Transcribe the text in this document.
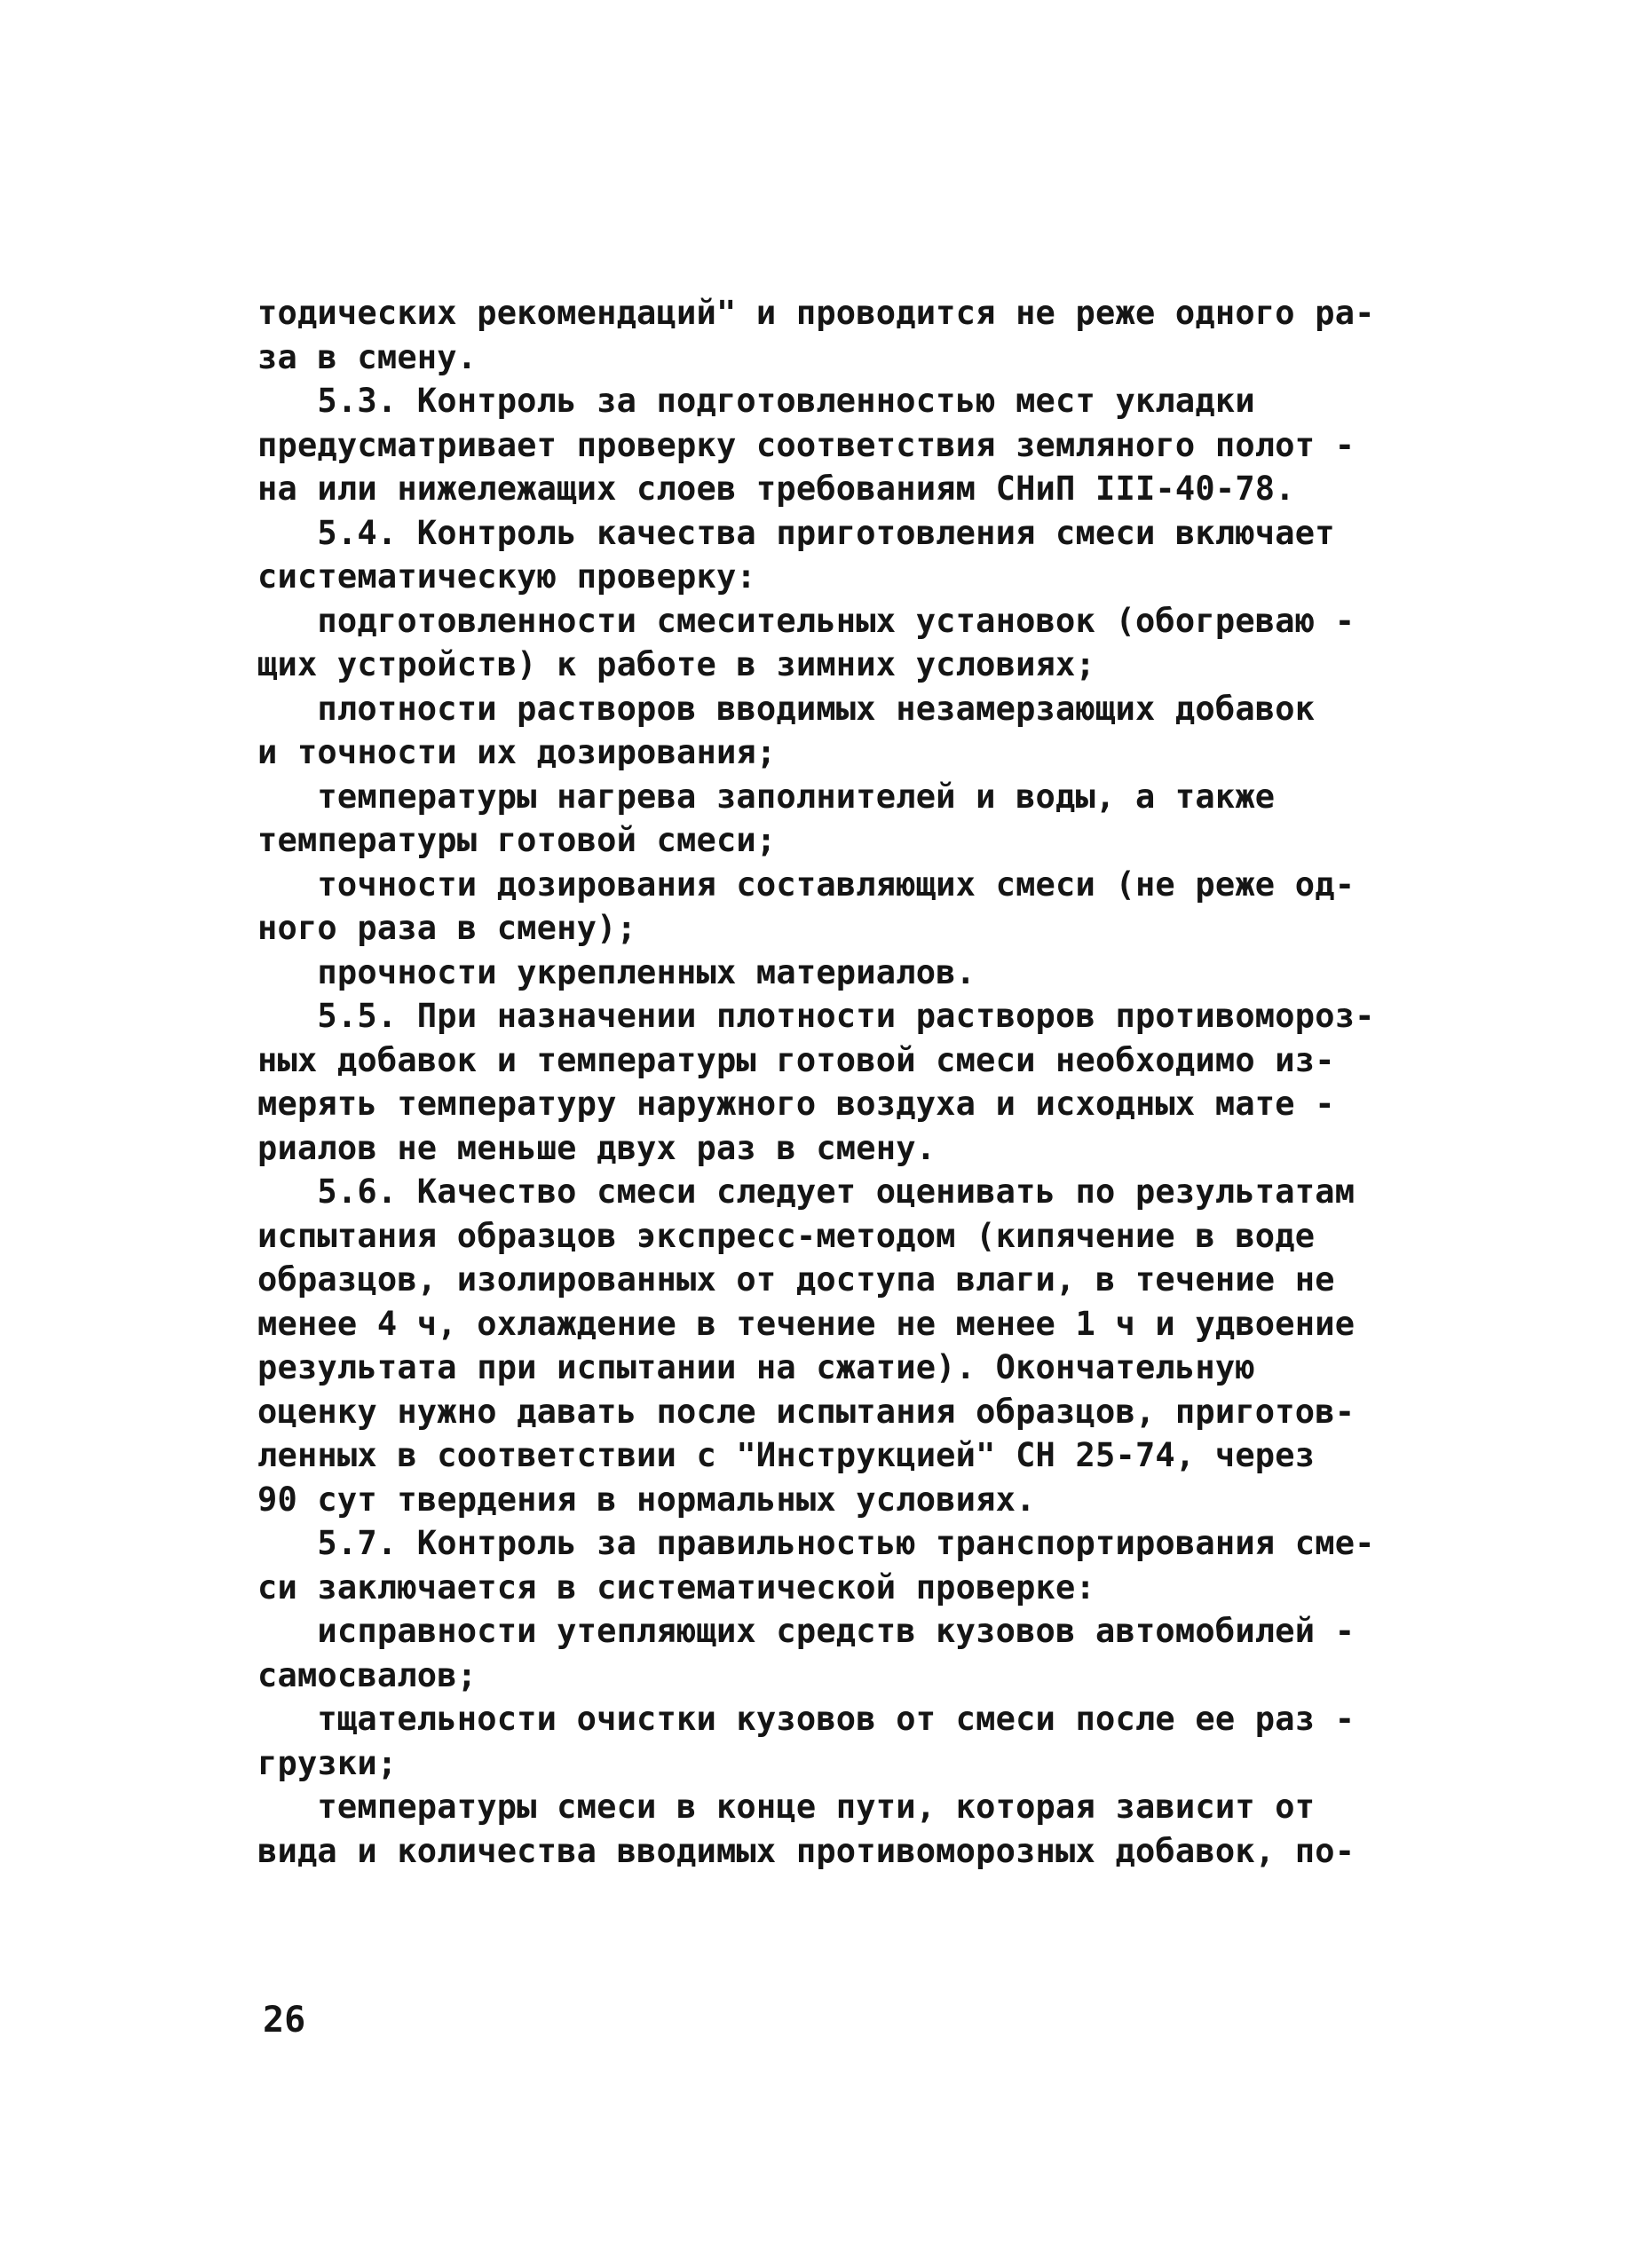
тодических рекомендаций" и проводится не реже одного ра-
за в смену.
5.3. Контроль за подготовленностью мест укладки
предусматривает проверку соответствия земляного полот -
на или нижележащих слоев требованиям СНиП III-40-78.
5.4. Контроль качества приготовления смеси включает
систематическую проверку:
подготовленности смесительных установок (обогреваю -
щих устройств) к работе в зимних условиях;
плотности растворов вводимых незамерзающих добавок
и точности их дозирования;
температуры нагрева заполнителей и воды, а также
температуры готовой смеси;
точности дозирования составляющих смеси (не реже од-
ного раза в смену);
прочности укрепленных материалов.
5.5. При назначении плотности растворов противомороз-
ных добавок и температуры готовой смеси необходимо из-
мерять температуру наружного воздуха и исходных мате -
риалов не меньше двух раз в смену.
5.6. Качество смеси следует оценивать по результатам
испытания образцов экспресс-методом (кипячение в воде
образцов, изолированных от доступа влаги, в течение не
менее 4 ч, охлаждение в течение не менее 1 ч и удвоение
результата при испытании на сжатие). Окончательную
оценку нужно давать после испытания образцов, приготов-
ленных в соответствии с "Инструкцией" СН 25-74, через
90 сут твердения в нормальных условиях.
5.7. Контроль за правильностью транспортирования сме-
си заключается в систематической проверке:
исправности утепляющих средств кузовов автомобилей -
самосвалов;
тщательности очистки кузовов от смеси после ее раз -
грузки;
температуры смеси в конце пути, которая зависит от
вида и количества вводимых противоморозных добавок, по-
26
